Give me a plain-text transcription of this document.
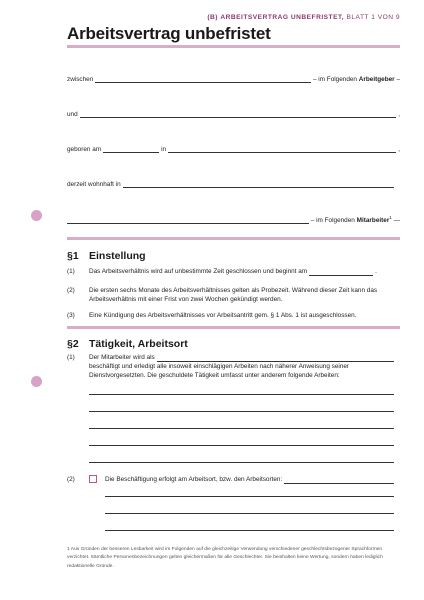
(B) ARBEITSVERTRAG UNBEFRISTET, BLATT 1 VON 9
Arbeitsvertrag unbefristet
zwischen	– im Folgenden Arbeitgeber –
und	,
geboren am	in	,
derzeit wohnhaft in
– im Folgenden Mitarbeiter$^1$ —
§1 Einstellung
(1) Das Arbeitsverhältnis wird auf unbestimmte Zeit geschlossen und beginnt am	.
(2) Die ersten sechs Monate des Arbeitsverhältnisses gelten als Probezeit. Während dieser Zeit kann das Arbeitsverhältnis mit einer Frist von zwei Wochen gekündigt werden.
(3) Eine Kündigung des Arbeitsverhältnisses vor Arbeitsantritt gem. § 1 Abs. 1 ist ausgeschlossen.
§2 Tätigkeit, Arbeitsort
(1) Der Mitarbeiter wird als
beschäftigt und erledigt alle insoweit einschlägigen Arbeiten nach näherer Anweisung seiner Dienstvorgesetzten. Die geschuldete Tätigkeit umfasst unter anderem folgende Arbeiten:
(2)	Die Beschäftigung erfolgt am Arbeitsort, bzw. den Arbeitsorten:
1 Aus Gründen der besseren Lesbarkeit wird im Folgenden auf die gleichzeitige Verwendung verschiedener geschlechtsbezogener Sprachformen verzichtet. Sämtliche Personenbezeichnungen gelten gleichermaßen für alle Geschlechter. Sie beinhalten keine Wertung, sondern haben lediglich redaktionelle Gründe.
